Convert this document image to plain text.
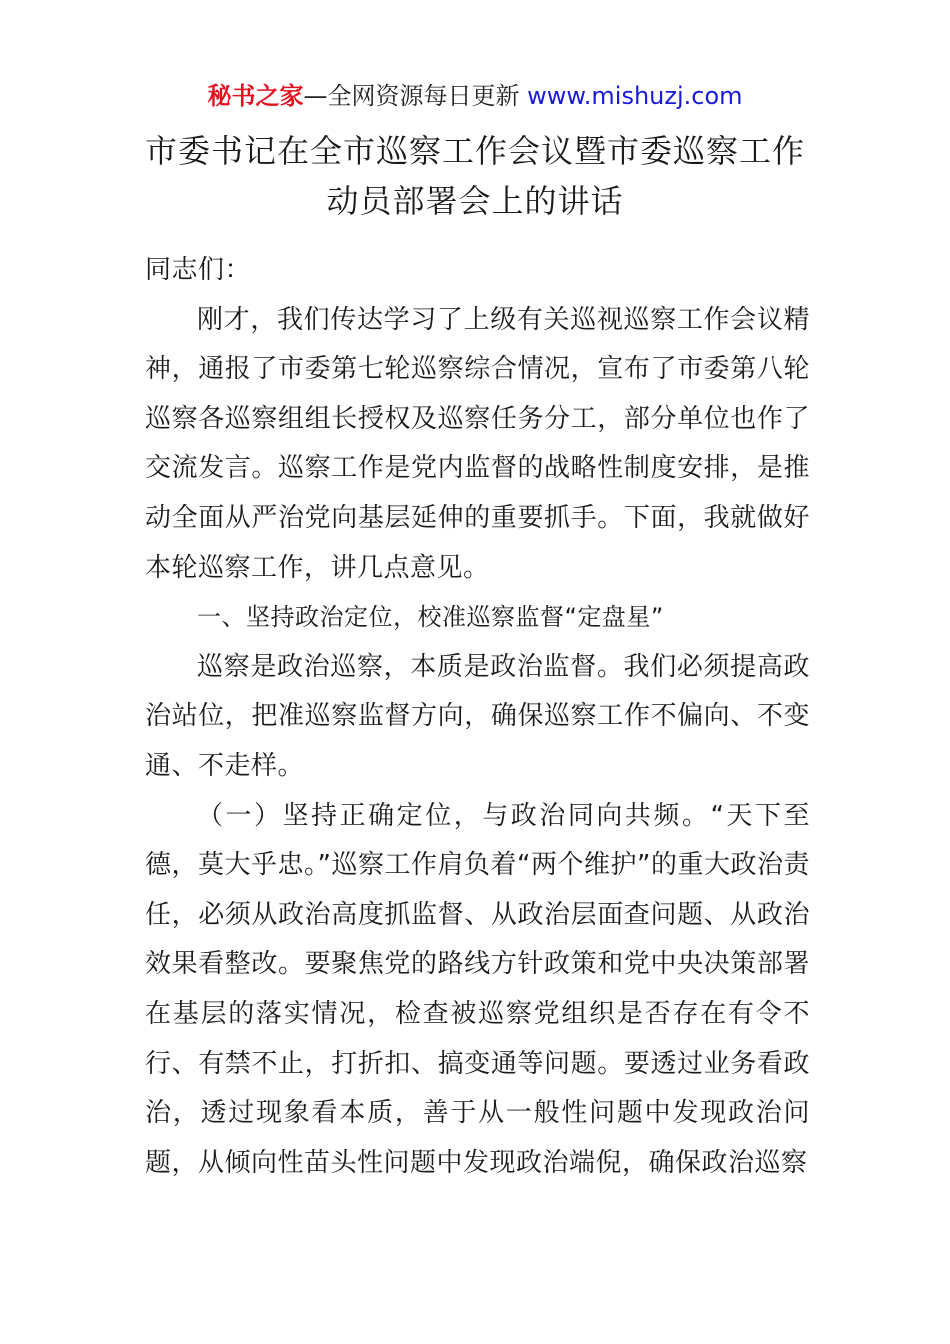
秘书之家—全网资源每日更新 www.mishuzj.com
市委书记在全市巡察工作会议暨市委巡察工作
动员部署会上的讲话

同志们：

刚才，我们传达学习了上级有关巡视巡察工作会议精神，通报了市委第七轮巡察综合情况，宣布了市委第八轮巡察各巡察组组长授权及巡察任务分工，部分单位也作了交流发言。巡察工作是党内监督的战略性制度安排，是推动全面从严治党向基层延伸的重要抓手。下面，我就做好本轮巡察工作，讲几点意见。

一、坚持政治定位，校准巡察监督“定盘星”

巡察是政治巡察，本质是政治监督。我们必须提高政治站位，把准巡察监督方向，确保巡察工作不偏向、不变通、不走样。

（一）坚持正确定位，与政治同向共频。“天下至德，莫大乎忠。”巡察工作肩负着“两个维护”的重大政治责任，必须从政治高度抓监督、从政治层面查问题、从政治效果看整改。要聚焦党的路线方针政策和党中央决策部署在基层的落实情况，检查被巡察党组织是否存在有令不行、有禁不止，打折扣、搞变通等问题。要透过业务看政治，透过现象看本质，善于从一般性问题中发现政治问题，从倾向性苗头性问题中发现政治端倪，确保政治巡察
